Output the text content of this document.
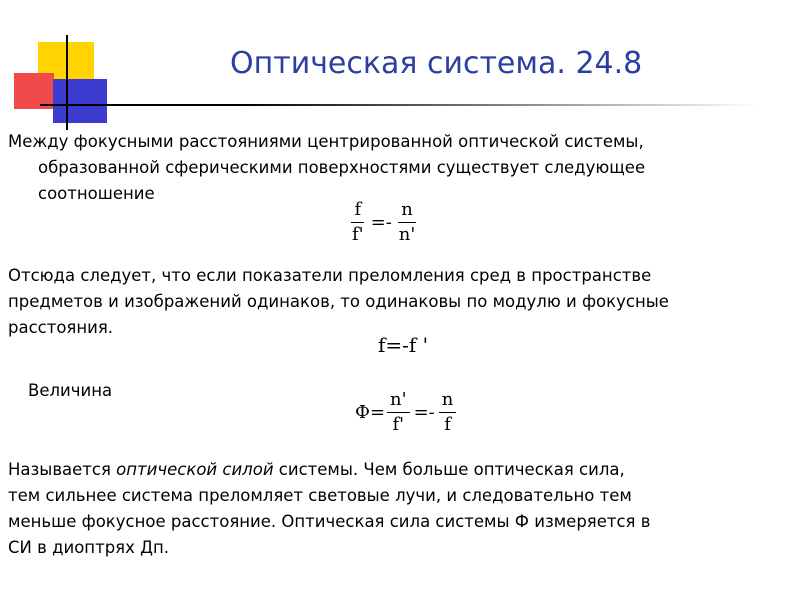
Оптическая система. 24.8

Между фокусными расстояниями центрированной оптической системы,
образованной сферическими поверхностями существует следующее
соотношение

$\frac{f}{f'} =- \frac{n}{n'}$

Отсюда следует, что если показатели преломления сред в пространстве
предметов и изображений одинаков, то одинаковы по модулю и фокусные
расстояния.

f=-f '

Величина

$Ф= \frac{n'}{f'} =- \frac{n}{f}$

Называется оптической силой системы. Чем больше оптическая сила,
тем сильнее система преломляет световые лучи, и следовательно тем
меньше фокусное расстояние. Оптическая сила системы Ф измеряется в
СИ в диоптрях Дп.
